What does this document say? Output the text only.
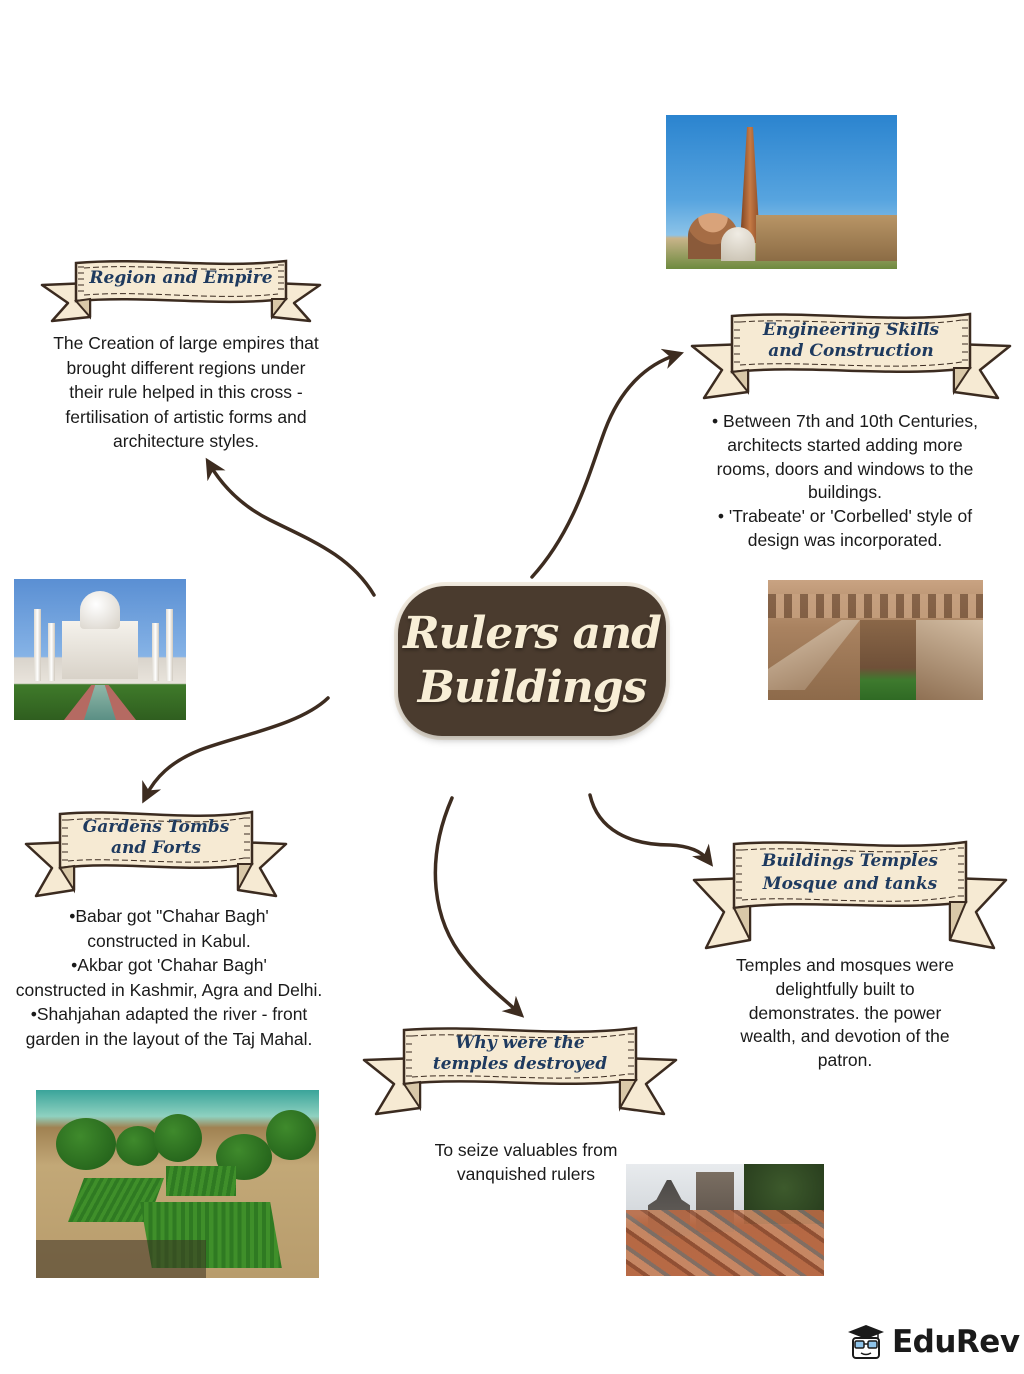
Rulers and
Buildings
Region and Empire
The Creation of large empires that
brought different regions under
their rule helped in this cross -
fertilisation of artistic forms and
architecture styles.
Engineering Skills
and Construction
• Between 7th and 10th Centuries,
architects started adding more
rooms, doors and windows to the
buildings.
• 'Trabeate' or 'Corbelled' style of
design was incorporated.
Gardens Tombs
and Forts
•Babar got "Chahar Bagh'
constructed in Kabul.
•Akbar got 'Chahar Bagh'
constructed in Kashmir, Agra and Delhi.
•Shahjahan adapted the river - front
garden in the layout of the Taj Mahal.
Buildings Temples
Mosque and tanks
Temples and mosques were
delightfully built to
demonstrates. the power
wealth, and devotion of the
patron.
Why were the
temples destroyed
To seize valuables from
vanquished rulers
EduRev
